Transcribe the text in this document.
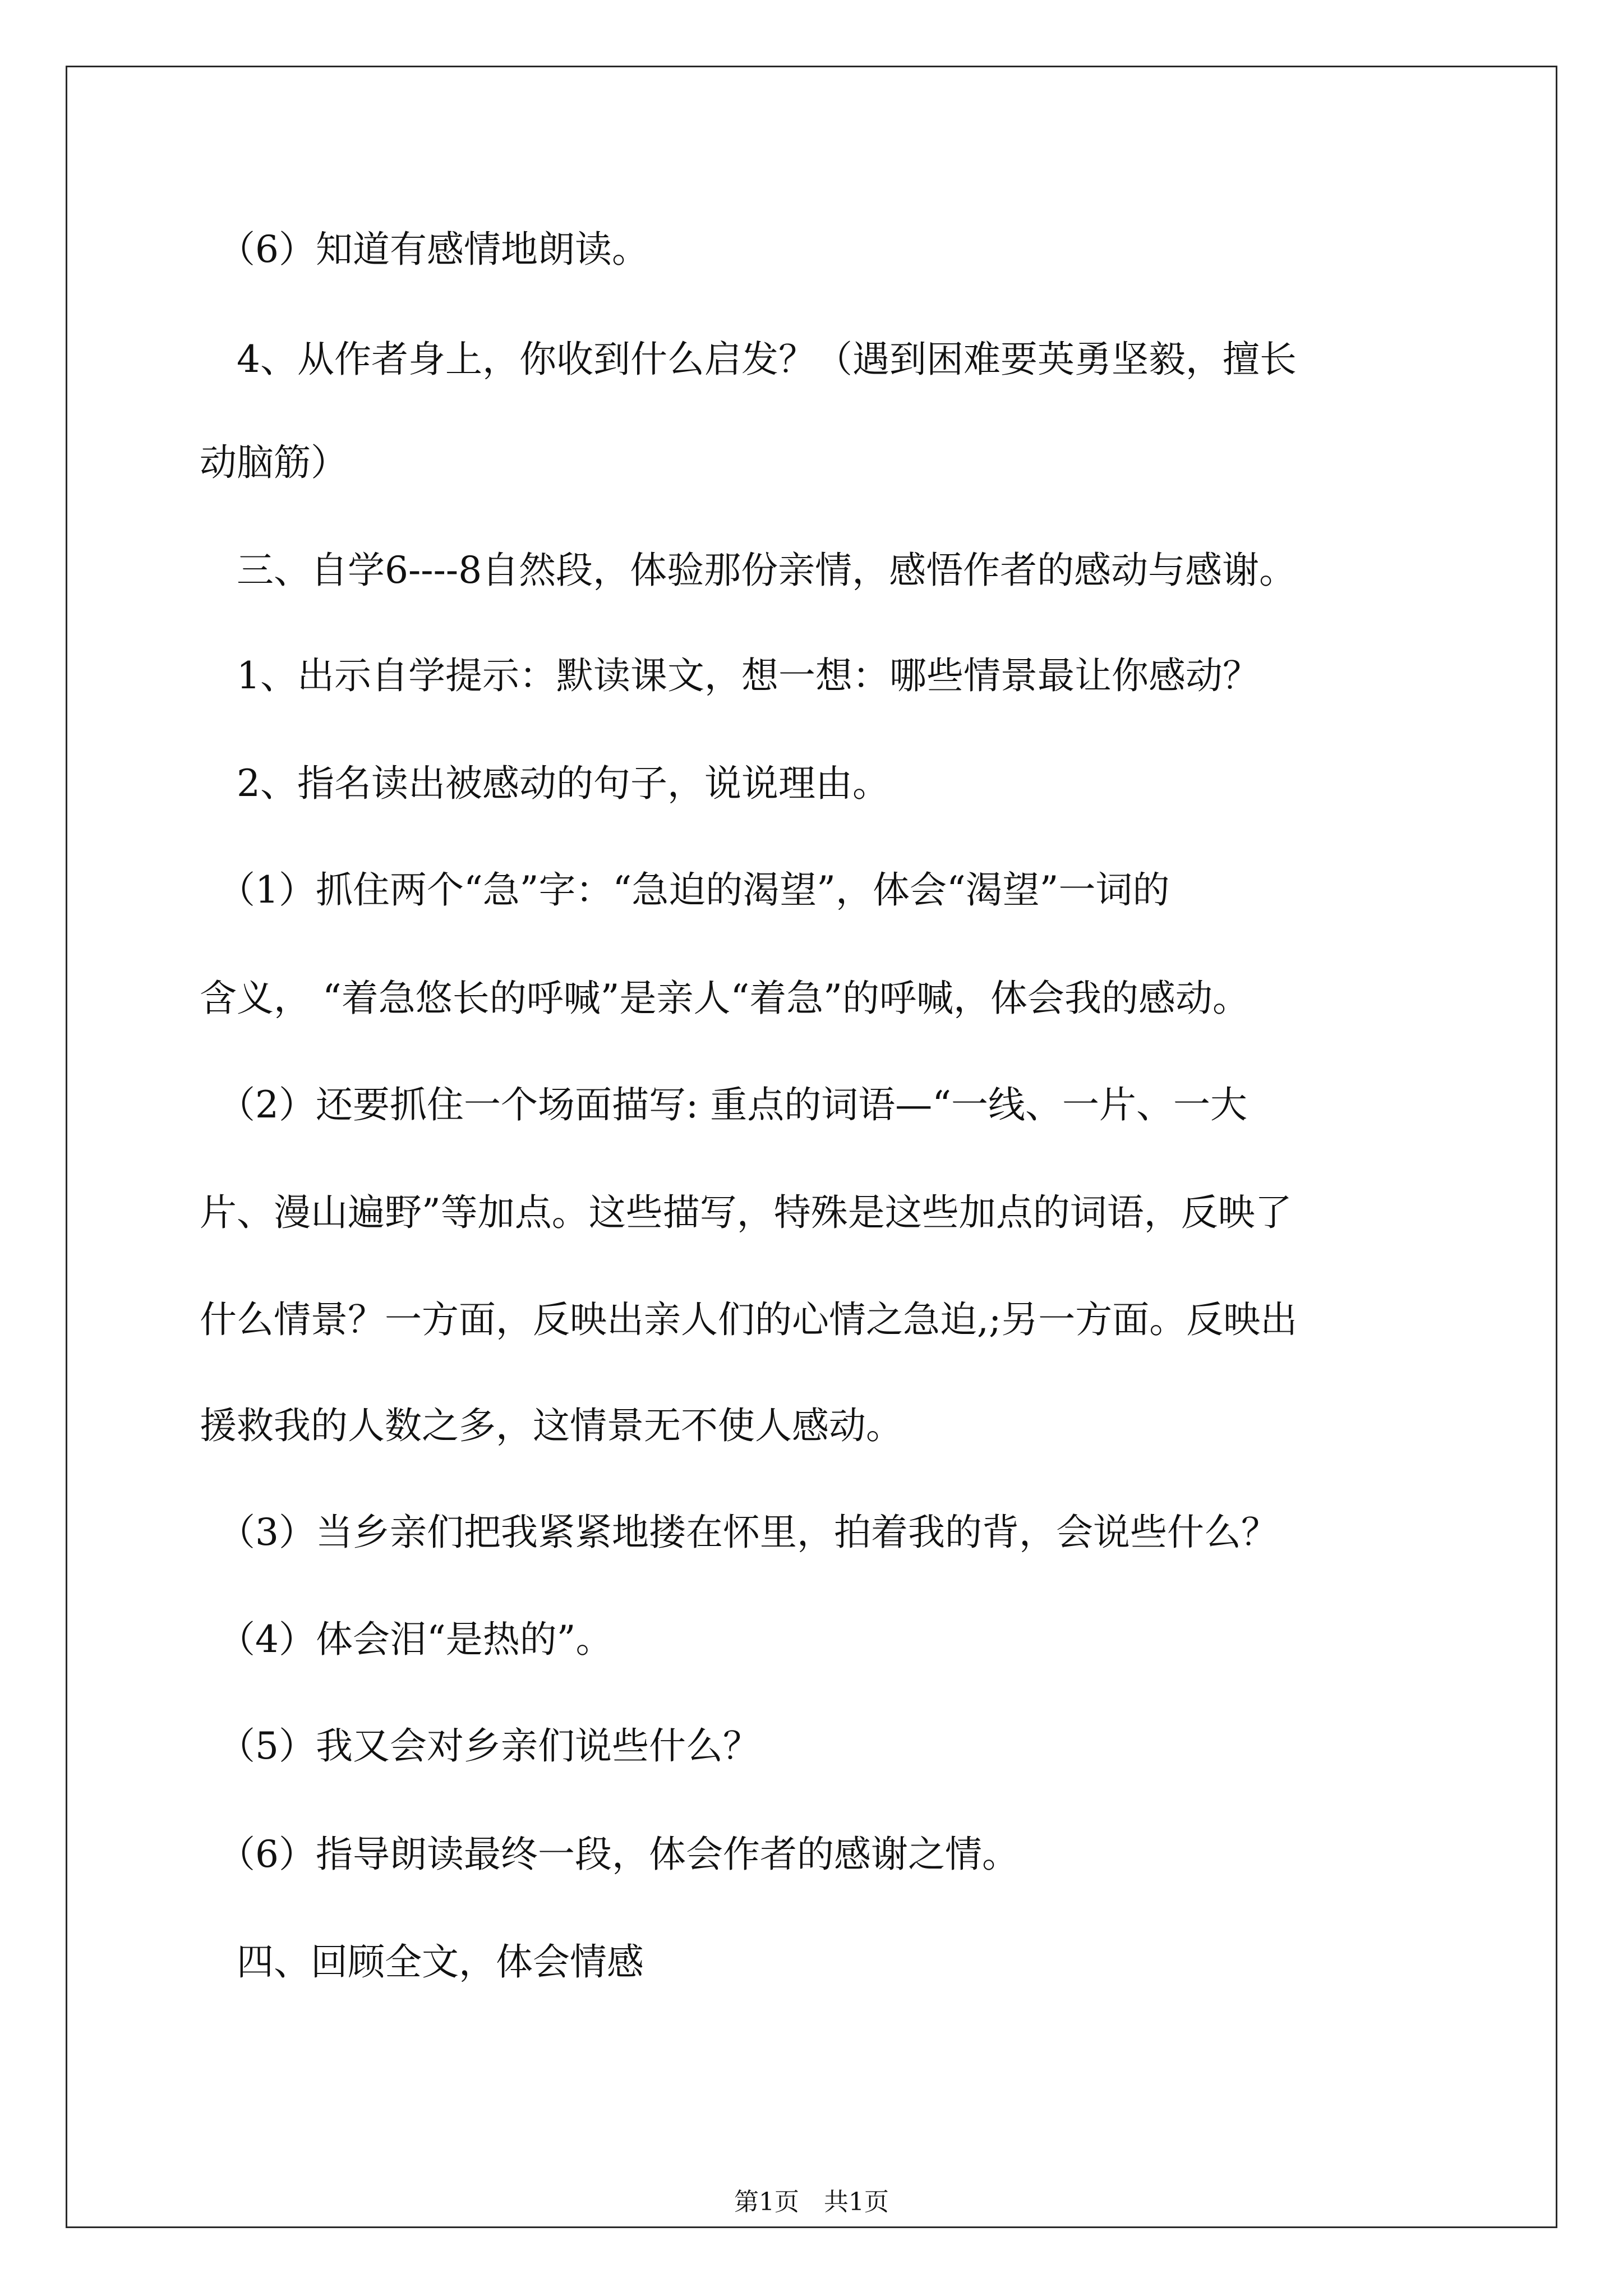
　（6）知道有感情地朗读。
　4、从作者身上，你收到什么启发？（遇到困难要英勇坚毅，擅长
动脑筋）
　三、自学6----8自然段，体验那份亲情，感悟作者的感动与感谢。
　1、出示自学提示：默读课文，想一想：哪些情景最让你感动？
　2、指名读出被感动的句子，说说理由。
　（1）抓住两个“急”字：“急迫的渴望”，体会“渴望”一词的
含义， “着急悠长的呼喊”是亲人“着急”的呼喊，体会我的感动。
　（2）还要抓住一个场面描写: 重点的词语—“一线、一片、一大
片、漫山遍野”等加点。这些描写，特殊是这些加点的词语，反映了
什么情景？一方面，反映出亲人们的心情之急迫,;另一方面。反映出
援救我的人数之多，这情景无不使人感动。
　（3）当乡亲们把我紧紧地搂在怀里，拍着我的背，会说些什么？
　（4）体会泪“是热的”。
　（5）我又会对乡亲们说些什么？
　（6）指导朗读最终一段，体会作者的感谢之情。
　四、回顾全文，体会情感
第1页　共1页
